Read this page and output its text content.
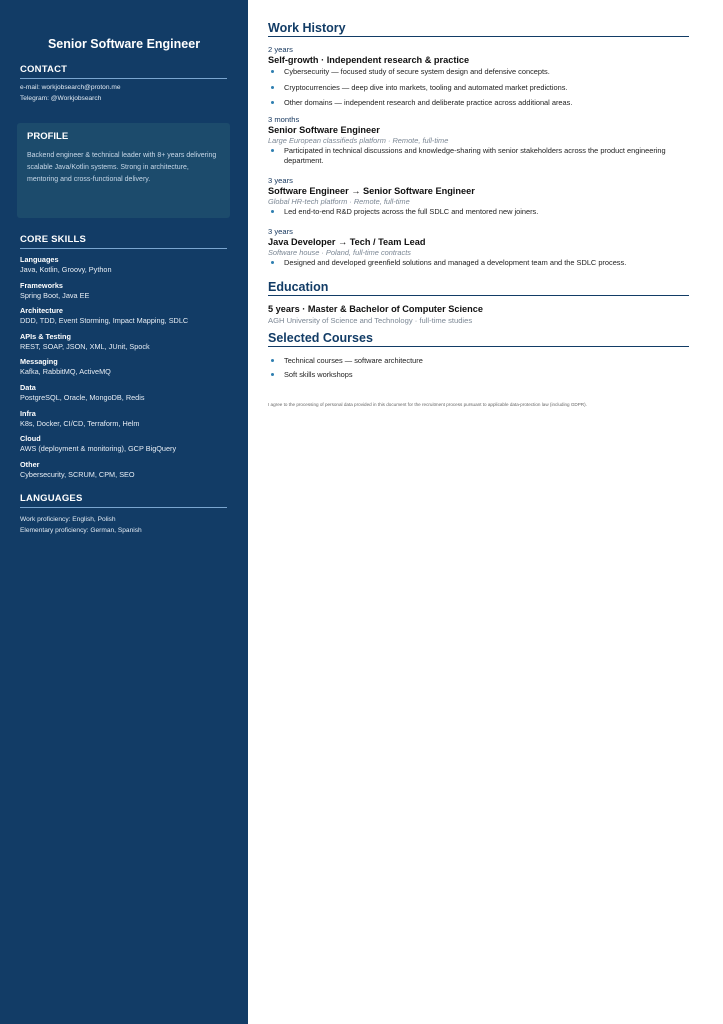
Senior Software Engineer
CONTACT
e-mail: workjobsearch@proton.me
Telegram: @Workjobsearch
PROFILE
Backend engineer & technical leader with 8+ years delivering scalable Java/Kotlin systems. Strong in architecture, mentoring and cross-functional delivery.
CORE SKILLS
Languages
Java, Kotlin, Groovy, Python
Frameworks
Spring Boot, Java EE
Architecture
DDD, TDD, Event Storming, Impact Mapping, SDLC
APIs & Testing
REST, SOAP, JSON, XML, JUnit, Spock
Messaging
Kafka, RabbitMQ, ActiveMQ
Data
PostgreSQL, Oracle, MongoDB, Redis
Infra
K8s, Docker, CI/CD, Terraform, Helm
Cloud
AWS (deployment & monitoring), GCP BigQuery
Other
Cybersecurity, SCRUM, CPM, SEO
LANGUAGES
Work proficiency: English, Polish
Elementary proficiency: German, Spanish
Work History
2 years
Self-growth · Independent research & practice
Cybersecurity — focused study of secure system design and defensive concepts.
Cryptocurrencies — deep dive into markets, tooling and automated market predictions.
Other domains — independent research and deliberate practice across additional areas.
3 months
Senior Software Engineer
Large European classifieds platform · Remote, full-time
Participated in technical discussions and knowledge-sharing with senior stakeholders across the product engineering department.
3 years
Software Engineer → Senior Software Engineer
Global HR-tech platform · Remote, full-time
Led end-to-end R&D projects across the full SDLC and mentored new joiners.
3 years
Java Developer → Tech / Team Lead
Software house · Poland, full-time contracts
Designed and developed greenfield solutions and managed a development team and the SDLC process.
Education
5 years · Master & Bachelor of Computer Science
AGH University of Science and Technology · full-time studies
Selected Courses
Technical courses — software architecture
Soft skills workshops
I agree to the processing of personal data provided in this document for the recruitment process pursuant to applicable data-protection law (including GDPR).
